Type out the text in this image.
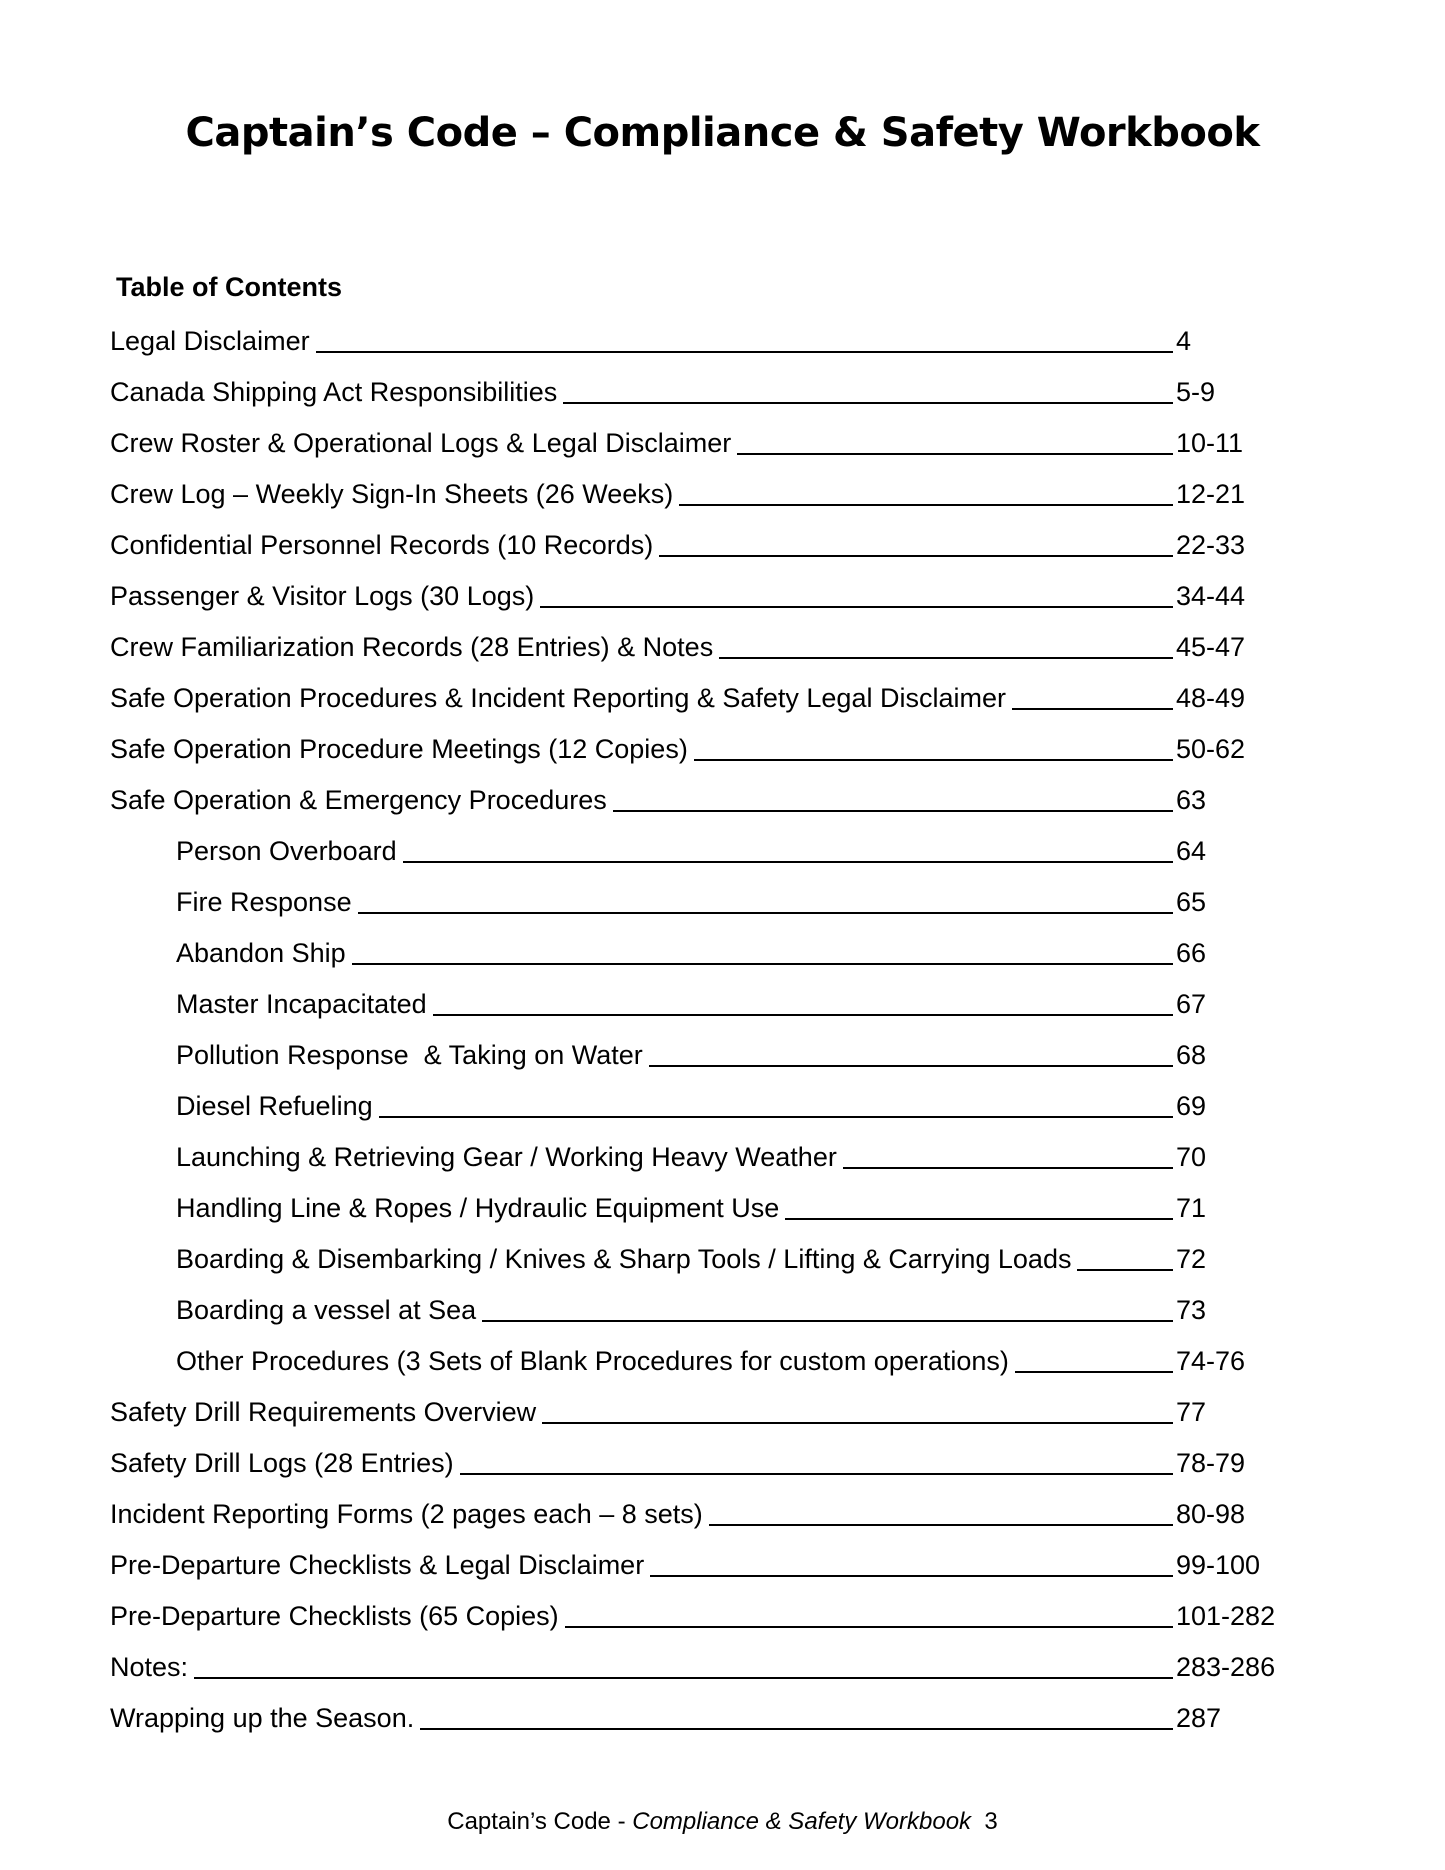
Captain’s Code – Compliance & Safety Workbook
Table of Contents
Legal Disclaimer	4
Canada Shipping Act Responsibilities	5-9
Crew Roster & Operational Logs & Legal Disclaimer	10-11
Crew Log – Weekly Sign-In Sheets (26 Weeks)	12-21
Confidential Personnel Records (10 Records)	22-33
Passenger & Visitor Logs (30 Logs)	34-44
Crew Familiarization Records (28 Entries) & Notes	45-47
Safe Operation Procedures & Incident Reporting & Safety Legal Disclaimer	48-49
Safe Operation Procedure Meetings (12 Copies)	50-62
Safe Operation & Emergency Procedures	63
Person Overboard	64
Fire Response	65
Abandon Ship	66
Master Incapacitated	67
Pollution Response  & Taking on Water	68
Diesel Refueling	69
Launching & Retrieving Gear / Working Heavy Weather	70
Handling Line & Ropes / Hydraulic Equipment Use	71
Boarding & Disembarking / Knives & Sharp Tools / Lifting & Carrying Loads	72
Boarding a vessel at Sea	73
Other Procedures (3 Sets of Blank Procedures for custom operations)	74-76
Safety Drill Requirements Overview	77
Safety Drill Logs (28 Entries)	78-79
Incident Reporting Forms (2 pages each – 8 sets)	80-98
Pre-Departure Checklists & Legal Disclaimer	99-100
Pre-Departure Checklists (65 Copies)	101-282
Notes:	283-286
Wrapping up the Season.	287
Captain’s Code - Compliance & Safety Workbook 3
